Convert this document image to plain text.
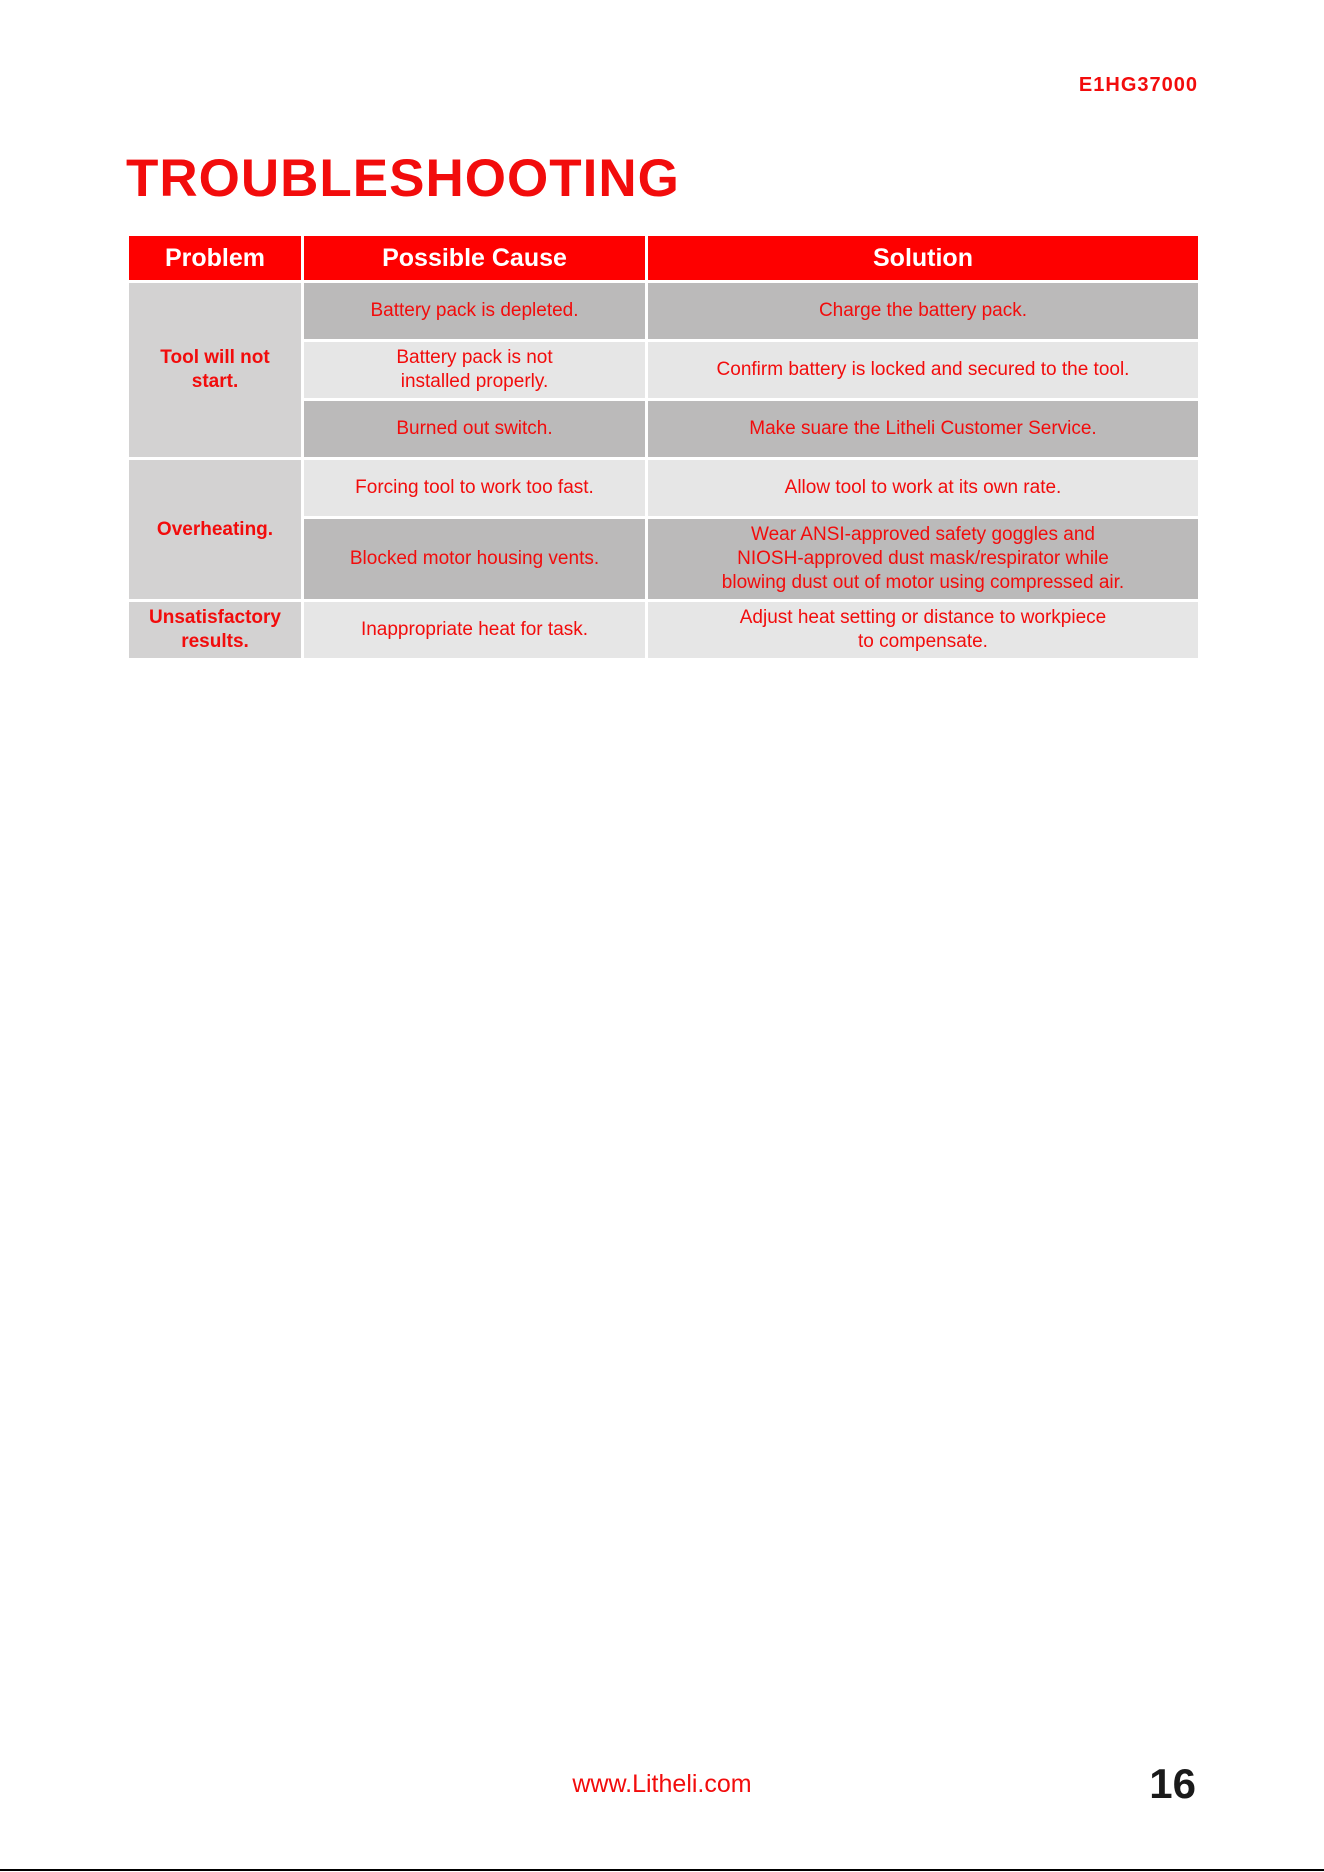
E1HG37000
TROUBLESHOOTING
Problem	Possible Cause	Solution

Tool will not
start.	Battery pack is depleted.	Charge the battery pack.

	Battery pack is not
installed properly.	Confirm battery is locked and secured to the tool.

	Burned out switch.	Make suare the Litheli Customer Service.

Overheating.	Forcing tool to work too fast.	Allow tool to work at its own rate.

	Blocked motor housing vents.	Wear ANSI-approved safety goggles and
NIOSH-approved dust mask/respirator while
blowing dust out of motor using compressed air.

Unsatisfactory
results.	Inappropriate heat for task.	Adjust heat setting or distance to workpiece
to compensate.
www.Litheli.com	16
